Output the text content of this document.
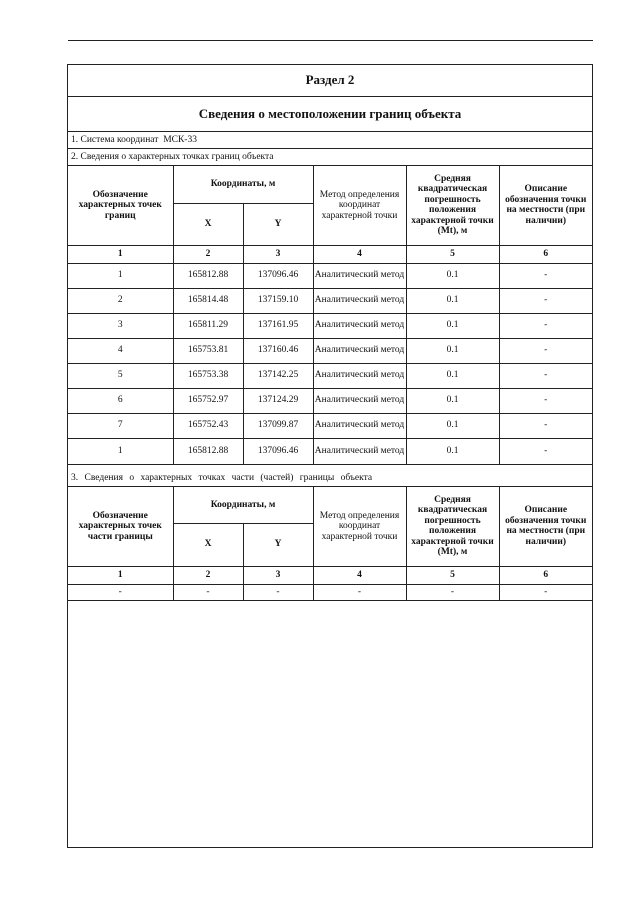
Раздел 2
Сведения о местоположении границ объекта
1. Система координат МСК-33
2. Сведения о характерных точках границ объекта
Обозначение характерных точек границ	Координаты, м		Метод определения координат характерной точки	Средняя квадратическая погрешность положения характерной точки (Mt), м	Описание обозначения точки на местности (при наличии)
	X	Y			
1	2	3	4	5	6
1	165812.88	137096.46	Аналитический метод	0.1	-
2	165814.48	137159.10	Аналитический метод	0.1	-
3	165811.29	137161.95	Аналитический метод	0.1	-
4	165753.81	137160.46	Аналитический метод	0.1	-
5	165753.38	137142.25	Аналитический метод	0.1	-
6	165752.97	137124.29	Аналитический метод	0.1	-
7	165752.43	137099.87	Аналитический метод	0.1	-
1	165812.88	137096.46	Аналитический метод	0.1	-
3. Сведения о характерных точках части (частей) границы объекта
Обозначение характерных точек части границы	Координаты, м		Метод определения координат характерной точки	Средняя квадратическая погрешность положения характерной точки (Mt), м	Описание обозначения точки на местности (при наличии)
	X	Y			
1	2	3	4	5	6
-	-	-	-	-	-
